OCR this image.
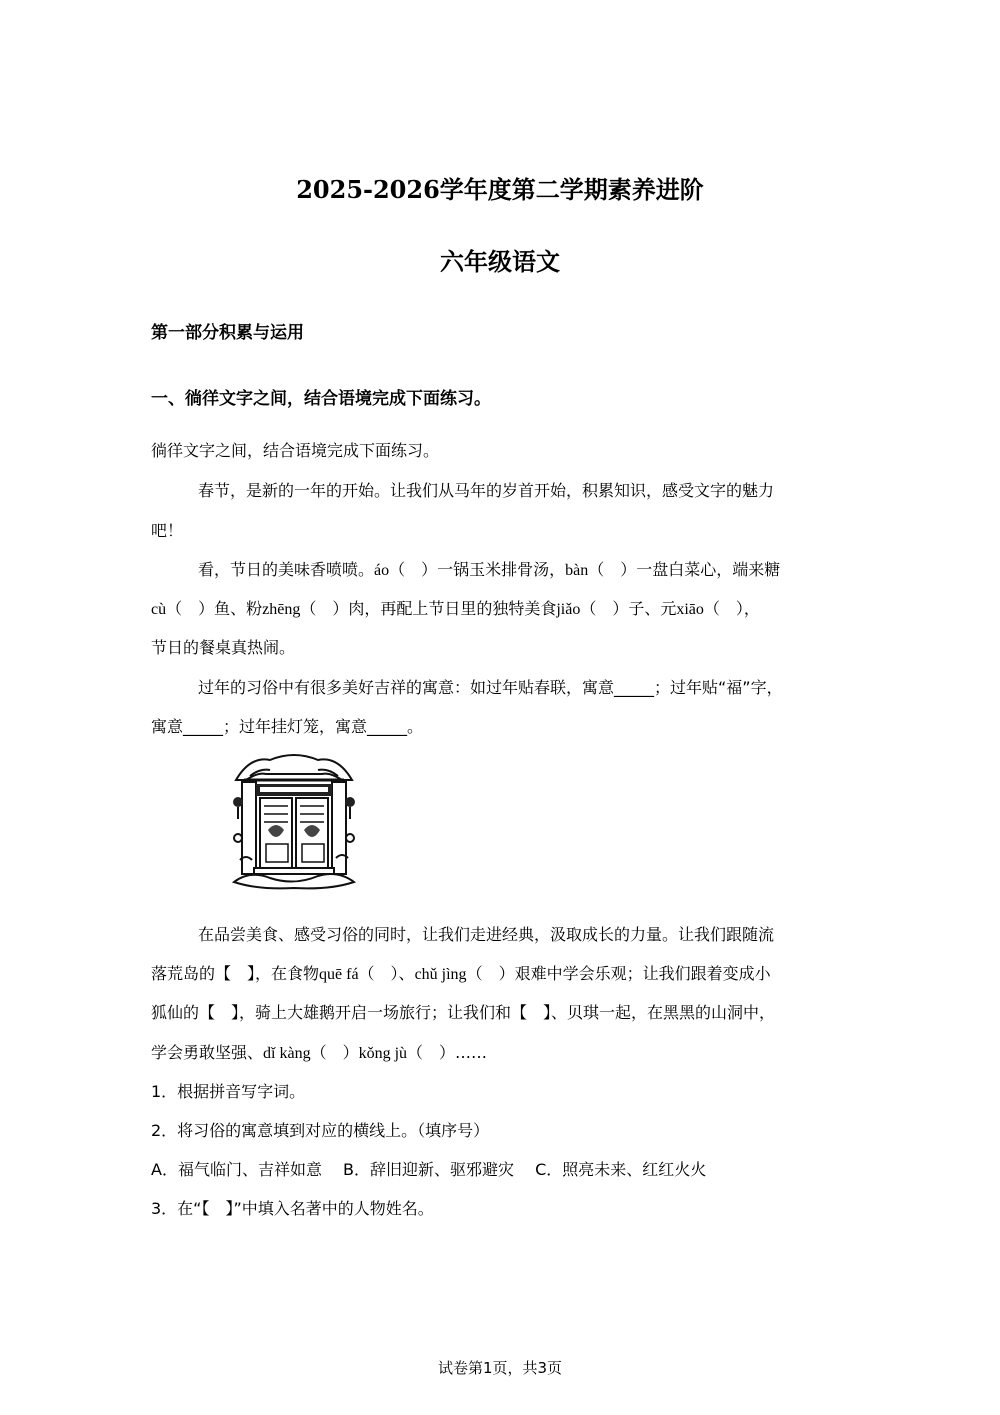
2025-2026学年度第二学期素养进阶
六年级语文
第一部分积累与运用
一、徜徉文字之间，结合语境完成下面练习。
徜徉文字之间，结合语境完成下面练习。
春节，是新的一年的开始。让我们从马年的岁首开始，积累知识，感受文字的魅力
吧！
看，节日的美味香喷喷。áo（　）一锅玉米排骨汤，bàn（　）一盘白菜心，端来糖
cù（　）鱼、粉zhēng（　）肉，再配上节日里的独特美食jiǎo（　）子、元xiāo（　），
节日的餐桌真热闹。
过年的习俗中有很多美好吉祥的寓意：如过年贴春联，寓意_____；过年贴“福”字，
寓意_____；过年挂灯笼，寓意_____。
在品尝美食、感受习俗的同时，让我们走进经典，汲取成长的力量。让我们跟随流
落荒岛的【　】，在食物quē fá（　）、chǔ jìng（　）艰难中学会乐观；让我们跟着变成小
狐仙的【　】，骑上大雄鹅开启一场旅行；让我们和【　】、贝琪一起，在黑黑的山洞中，
学会勇敢坚强、dǐ kàng（　）kǒng jù（　）……
1．根据拼音写字词。
2．将习俗的寓意填到对应的横线上。（填序号）
A．福气临门、吉祥如意　 B．辞旧迎新、驱邪避灾　 C．照亮未来、红红火火
3．在“【　】”中填入名著中的人物姓名。
试卷第1页，共3页
